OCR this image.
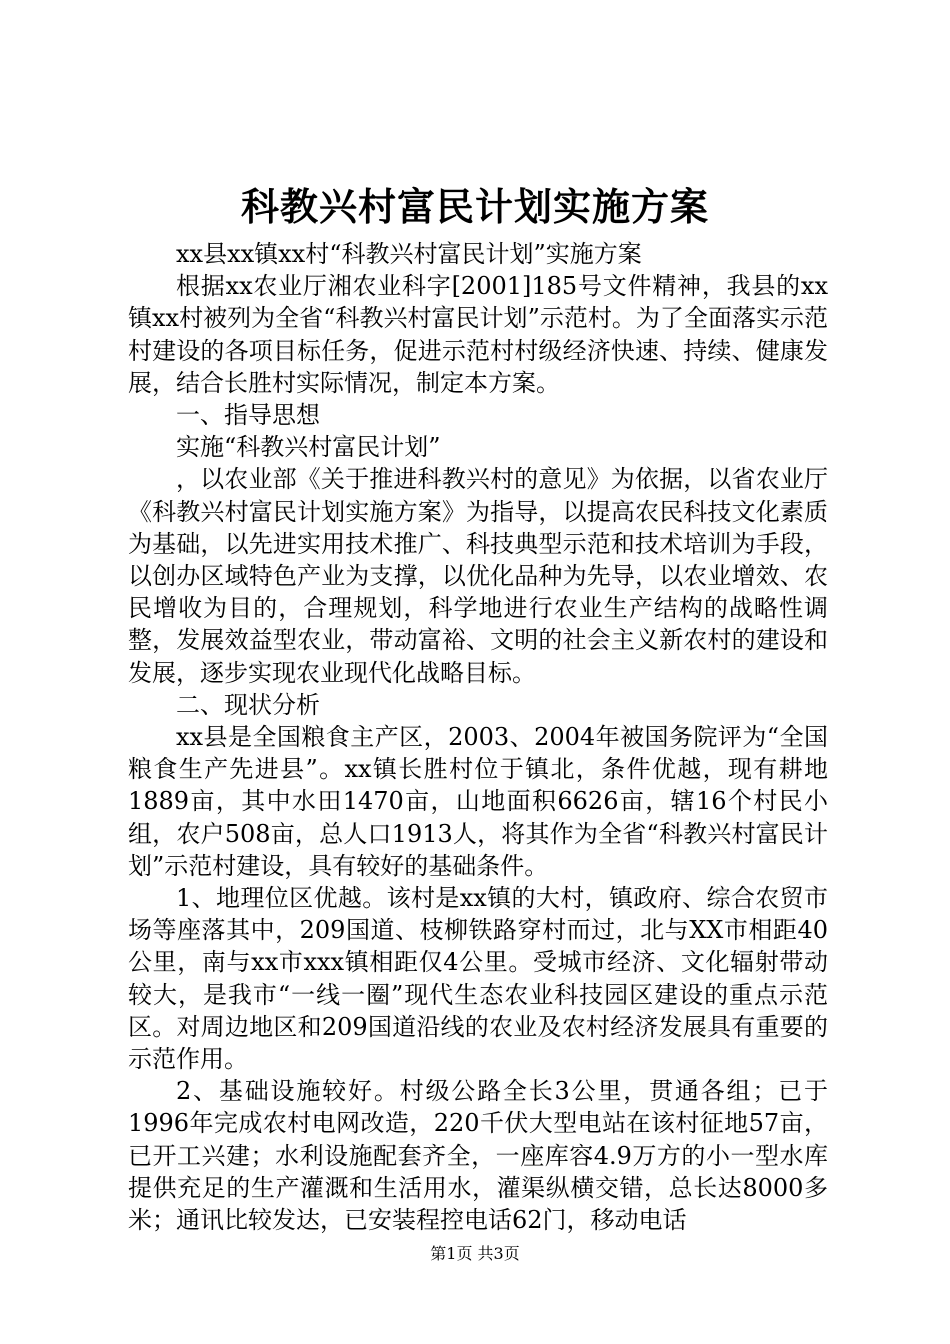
科教兴村富民计划实施方案

xx县xx镇xx村“科教兴村富民计划”实施方案

根据xx农业厅湘农业科字[2001]185号文件精神，我县的xx镇xx村被列为全省“科教兴村富民计划”示范村。为了全面落实示范村建设的各项目标任务，促进示范村村级经济快速、持续、健康发展，结合长胜村实际情况，制定本方案。

一、指导思想

实施“科教兴村富民计划”

，以农业部《关于推进科教兴村的意见》为依据，以省农业厅《科教兴村富民计划实施方案》为指导，以提高农民科技文化素质为基础，以先进实用技术推广、科技典型示范和技术培训为手段，以创办区域特色产业为支撑，以优化品种为先导，以农业增效、农民增收为目的，合理规划，科学地进行农业生产结构的战略性调整，发展效益型农业，带动富裕、文明的社会主义新农村的建设和发展，逐步实现农业现代化战略目标。

二、现状分析

xx县是全国粮食主产区，2003、2004年被国务院评为“全国粮食生产先进县”。xx镇长胜村位于镇北，条件优越，现有耕地1889亩，其中水田1470亩，山地面积6626亩，辖16个村民小组，农户508亩，总人口1913人，将其作为全省“科教兴村富民计划”示范村建设，具有较好的基础条件。

1、地理位区优越。该村是xx镇的大村，镇政府、综合农贸市场等座落其中，209国道、枝柳铁路穿村而过，北与XX市相距40公里，南与xx市xxx镇相距仅4公里。受城市经济、文化辐射带动较大，是我市“一线一圈”现代生态农业科技园区建设的重点示范区。对周边地区和209国道沿线的农业及农村经济发展具有重要的示范作用。

2、基础设施较好。村级公路全长3公里，贯通各组；已于1996年完成农村电网改造，220千伏大型电站在该村征地57亩，已开工兴建；水利设施配套齐全，一座库容4.9万方的小一型水库提供充足的生产灌溉和生活用水，灌渠纵横交错，总长达8000多米；通讯比较发达，已安装程控电话62门，移动电话

第1页 共3页
